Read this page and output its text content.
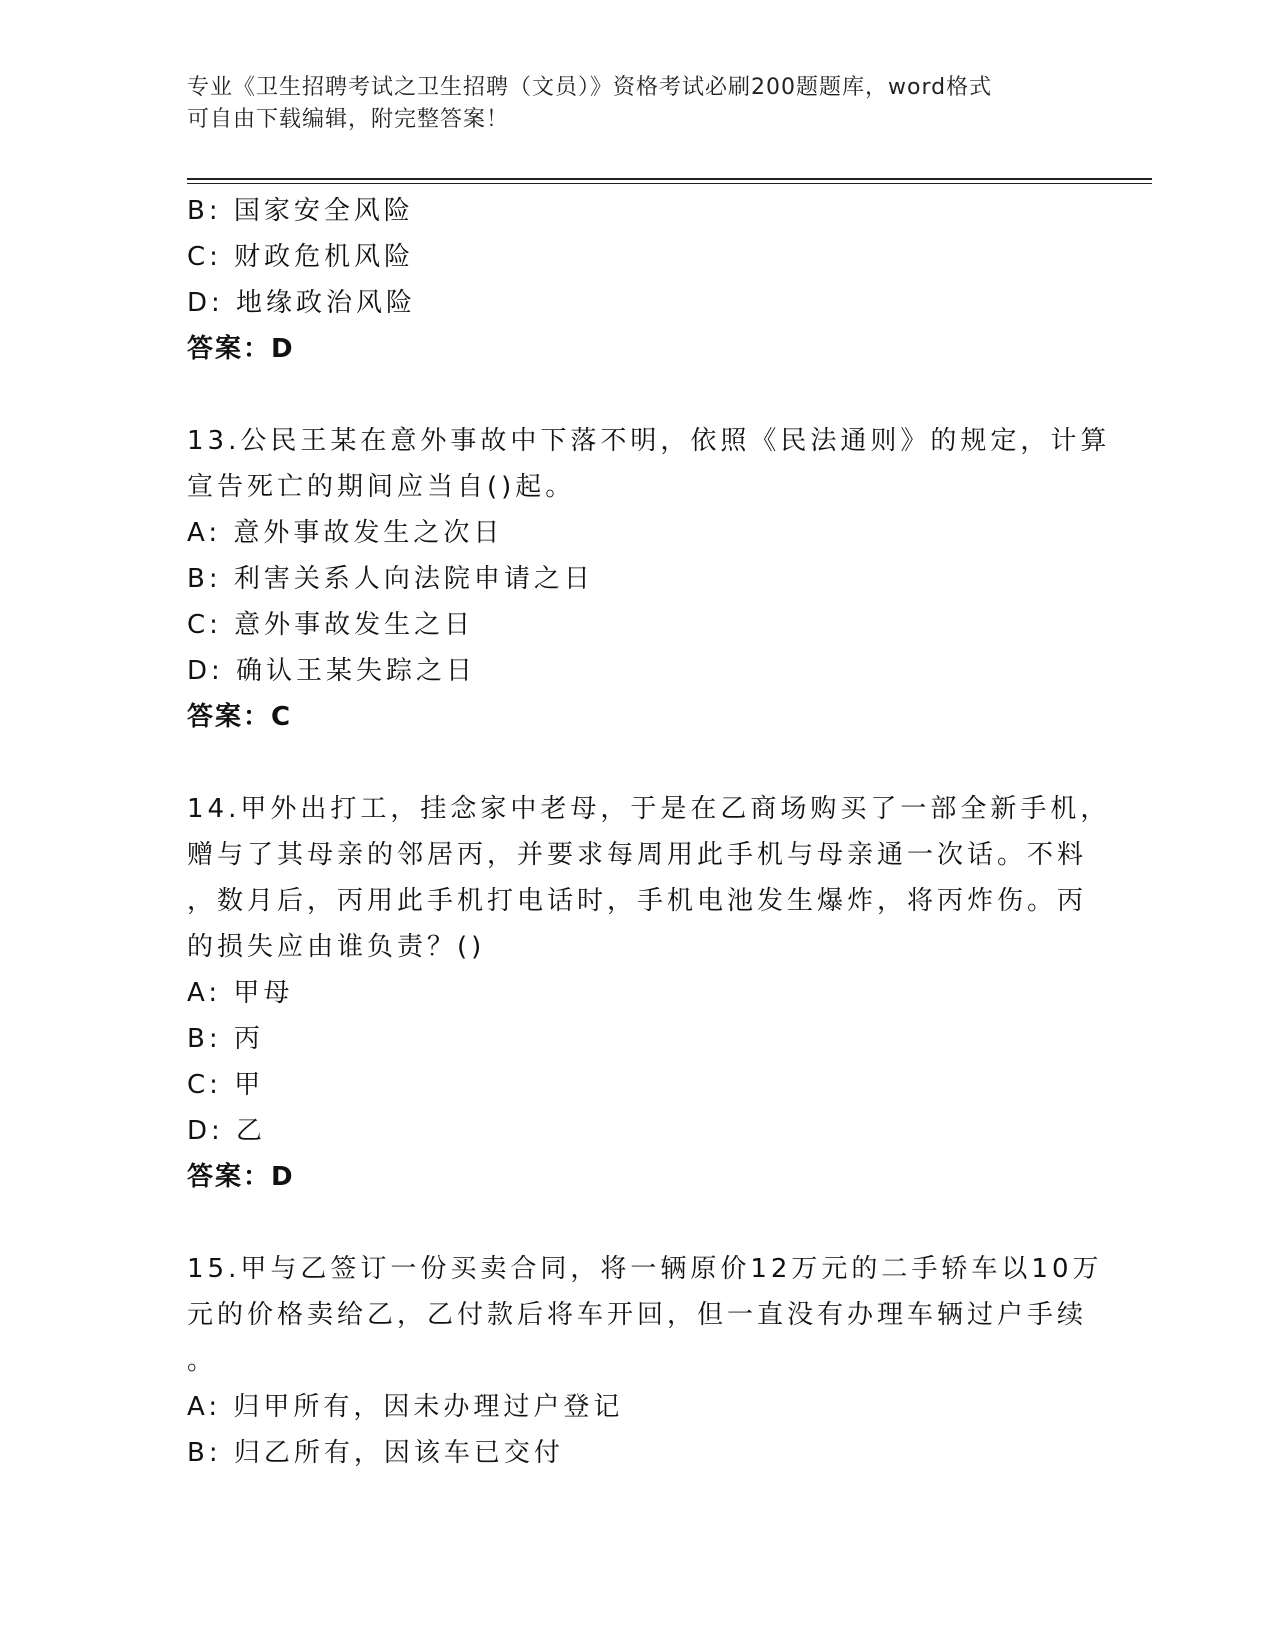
专业《卫生招聘考试之卫生招聘（文员）》资格考试必刷200题题库，word格式
可自由下载编辑，附完整答案！

B: 国家安全风险

C: 财政危机风险

D: 地缘政治风险

答案：D

13.公民王某在意外事故中下落不明，依照《民法通则》的规定，计算

宣告死亡的期间应当自()起。

A: 意外事故发生之次日

B: 利害关系人向法院申请之日

C: 意外事故发生之日

D: 确认王某失踪之日

答案：C

14.甲外出打工，挂念家中老母，于是在乙商场购买了一部全新手机，

赠与了其母亲的邻居丙，并要求每周用此手机与母亲通一次话。不料

，数月后，丙用此手机打电话时，手机电池发生爆炸，将丙炸伤。丙

的损失应由谁负责？()

A: 甲母

B: 丙

C: 甲

D: 乙

答案：D

15.甲与乙签订一份买卖合同，将一辆原价12万元的二手轿车以10万

元的价格卖给乙，乙付款后将车开回，但一直没有办理车辆过户手续

。

A: 归甲所有，因未办理过户登记

B: 归乙所有，因该车已交付
